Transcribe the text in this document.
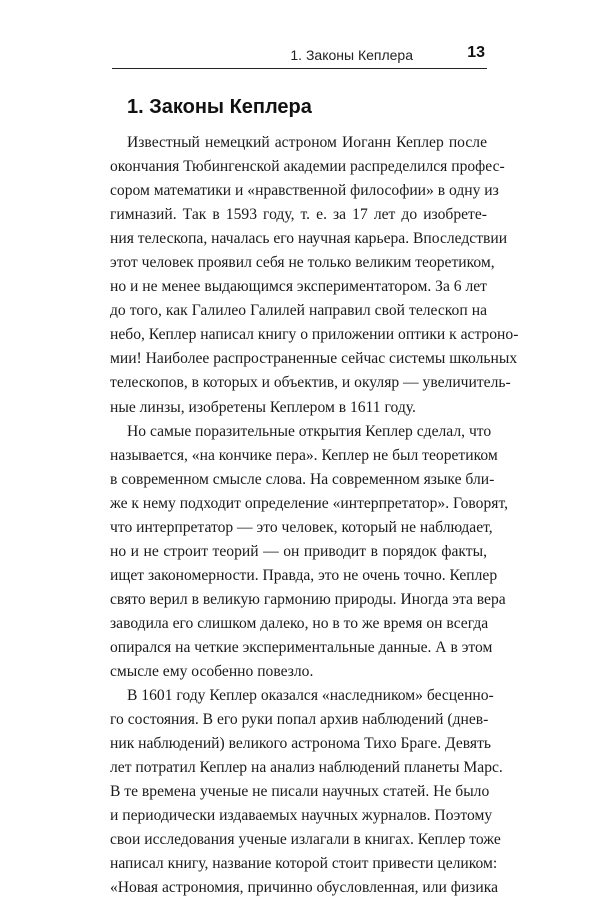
1. Законы Кеплера	13
1. Законы Кеплера

Известный немецкий астроном Иоганн Кеплер после
окончания Тюбингенской академии распределился профес-
сором математики и «нравственной философии» в одну из
гимназий. Так в 1593 году, т. е. за 17 лет до изобрете-
ния телескопа, началась его научная карьера. Впоследствии
этот человек проявил себя не только великим теоретиком,
но и не менее выдающимся экспериментатором. За 6 лет
до того, как Галилео Галилей направил свой телескоп на
небо, Кеплер написал книгу о приложении оптики к астроно-
мии! Наиболее распространенные сейчас системы школьных
телескопов, в которых и объектив, и окуляр — увеличитель-
ные линзы, изобретены Кеплером в 1611 году.

Но самые поразительные открытия Кеплер сделал, что
называется, «на кончике пера». Кеплер не был теоретиком
в современном смысле слова. На современном языке бли-
же к нему подходит определение «интерпретатор». Говорят,
что интерпретатор — это человек, который не наблюдает,
но и не строит теорий — он приводит в порядок факты,
ищет закономерности. Правда, это не очень точно. Кеплер
свято верил в великую гармонию природы. Иногда эта вера
заводила его слишком далеко, но в то же время он всегда
опирался на четкие экспериментальные данные. А в этом
смысле ему особенно повезло.

В 1601 году Кеплер оказался «наследником» бесценно-
го состояния. В его руки попал архив наблюдений (днев-
ник наблюдений) великого астронома Тихо Браге. Девять
лет потратил Кеплер на анализ наблюдений планеты Марс.
В те времена ученые не писали научных статей. Не было
и периодически издаваемых научных журналов. Поэтому
свои исследования ученые излагали в книгах. Кеплер тоже
написал книгу, название которой стоит привести целиком:
«Новая астрономия, причинно обусловленная, или физика
